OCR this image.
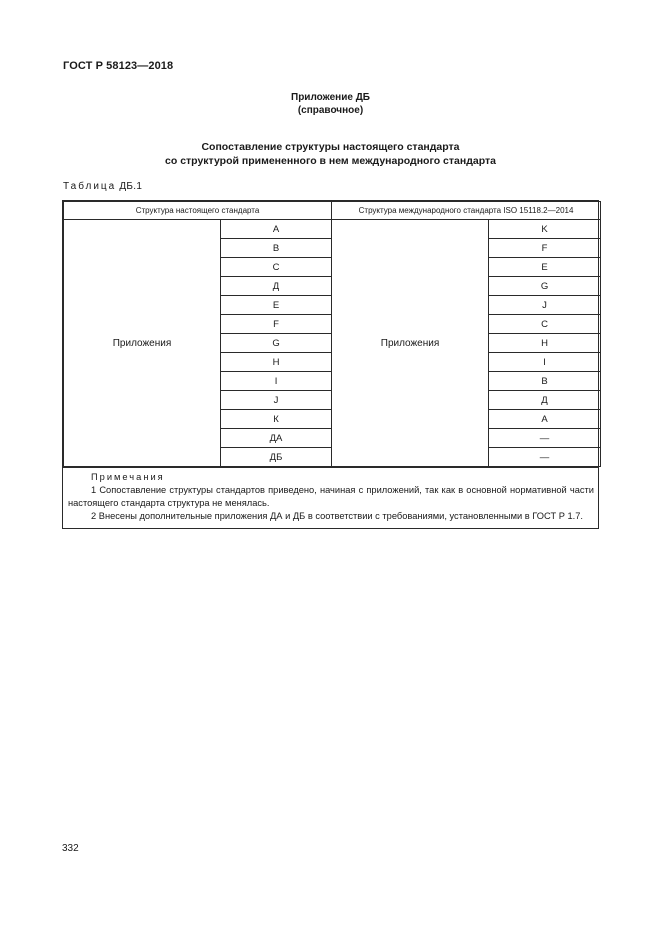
ГОСТ Р 58123—2018
Приложение ДБ
(справочное)
Сопоставление структуры настоящего стандарта
со структурой примененного в нем международного стандарта
Таблица ДБ.1
Структура настоящего стандарта		Структура международного стандарта ISO 15118.2—2014	
Приложения	А	Приложения	K
	В		F
	С		E
	Д		G
	Е		J
	F		C
	G		H
	H		I
	I		B
	J		Д
	К		А
	ДА		—
	ДБ		—
Примечания

1 Сопоставление структуры стандартов приведено, начиная с приложений, так как в основной нормативной части настоящего стандарта структура не менялась.

2 Внесены дополнительные приложения ДА и ДБ в соответствии с требованиями, установленными в ГОСТ Р 1.7.

332
